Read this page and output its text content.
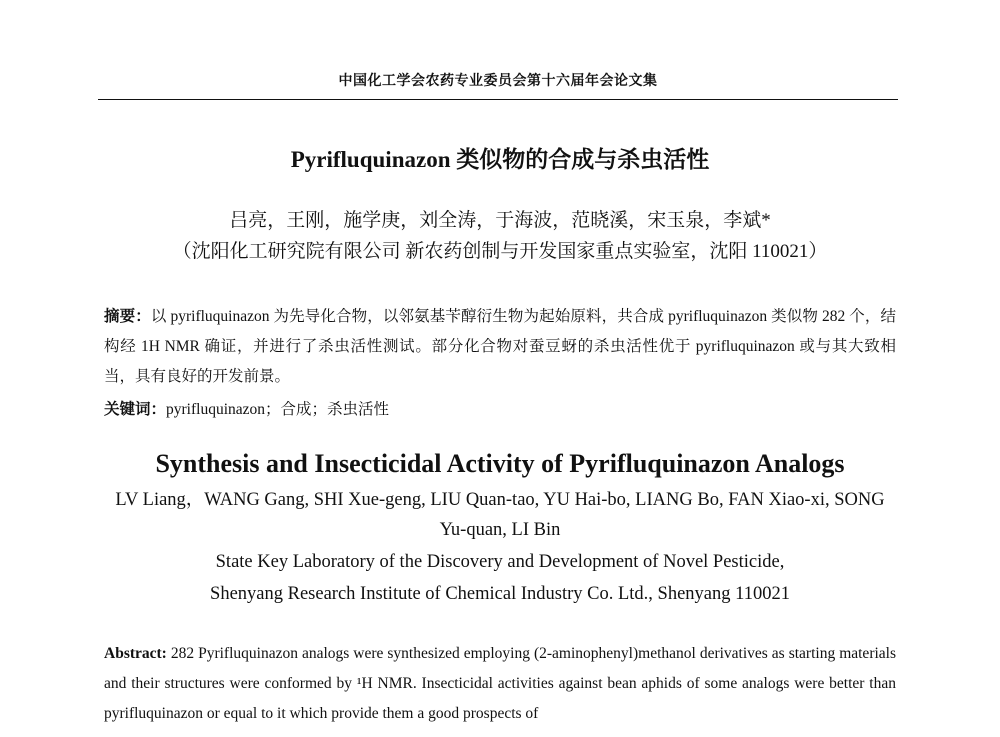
中国化工学会农药专业委员会第十六届年会论文集
Pyrifluquinazon 类似物的合成与杀虫活性
吕亮，王刚，施学庚，刘全涛，于海波，范晓溪，宋玉泉，李斌*
（沈阳化工研究院有限公司 新农药创制与开发国家重点实验室，沈阳 110021）
摘要：以 pyrifluquinazon 为先导化合物，以邻氨基苄醇衍生物为起始原料，共合成 pyrifluquinazon 类似物 282 个，结构经 1H NMR 确证，并进行了杀虫活性测试。部分化合物对蚕豆蚜的杀虫活性优于 pyrifluquinazon 或与其大致相当，具有良好的开发前景。
关键词：pyrifluquinazon；合成；杀虫活性
Synthesis and Insecticidal Activity of Pyrifluquinazon Analogs
LV Liang，WANG Gang, SHI Xue-geng, LIU Quan-tao, YU Hai-bo, LIANG Bo, FAN Xiao-xi, SONG Yu-quan, LI Bin
State Key Laboratory of the Discovery and Development of Novel Pesticide,
Shenyang Research Institute of Chemical Industry Co. Ltd., Shenyang 110021
Abstract: 282 Pyrifluquinazon analogs were synthesized employing (2-aminophenyl)methanol derivatives as starting materials and their structures were conformed by ¹H NMR. Insecticidal activities against bean aphids of some analogs were better than pyrifluquinazon or equal to it which provide them a good prospects of
